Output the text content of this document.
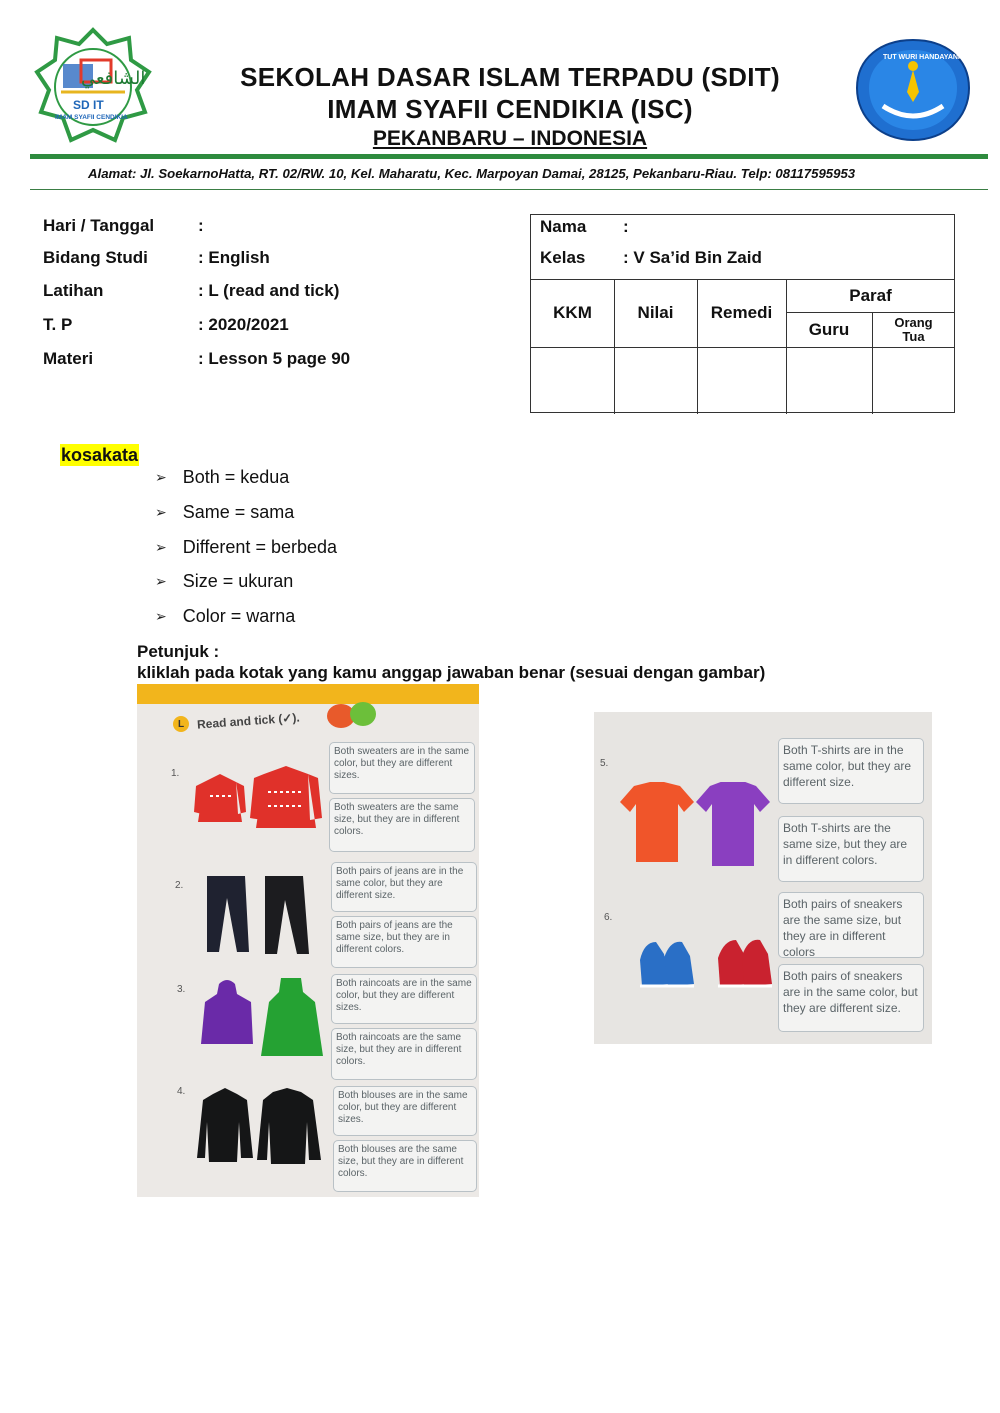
الشافعي
SD IT
IMAM SYAFII CENDIKIA
SEKOLAH DASAR ISLAM TERPADU (SDIT)
IMAM SYAFII CENDIKIA (ISC)
PEKANBARU – INDONESIA
TUT WURI HANDAYANI
Alamat: Jl. SoekarnoHatta, RT. 02/RW. 10, Kel. Maharatu, Kec. Marpoyan Damai, 28125, Pekanbaru-Riau. Telp: 08117595953
Hari / Tanggal	:
Bidang Studi	: English
Latihan	: L (read and tick)
T. P	: 2020/2021
Materi	: Lesson 5 page 90
Nama :
Kelas : V Sa’id Bin Zaid
KKM	Nilai	Remedi
Paraf
Guru	Orang Tua
kosakata
➢ Both = kedua
➢ Same = sama
➢ Different = berbeda
➢ Size = ukuran
➢ Color = warna
Petunjuk :
kliklah pada kotak yang kamu anggap jawaban benar (sesuai dengan gambar)
L Read and tick (✓).
1.
Both sweaters are in the same color, but they are different sizes.
Both sweaters are the same size, but they are in different colors.
2.
Both pairs of jeans are in the same color, but they are different size.
Both pairs of jeans are the same size, but they are in different colors.
3.
Both raincoats are in the same color, but they are different sizes.
Both raincoats are the same size, but they are in different colors.
4.	Both blouses are in the same color, but they are different sizes.
Both blouses are the same size, but they are in different colors.
5.
Both T-shirts are in the same color, but they are different size.
Both T-shirts are the same size, but they are in different colors.
6.
Both pairs of sneakers are the same size, but they are in different colors
Both pairs of sneakers are in the same color, but they are different size.
